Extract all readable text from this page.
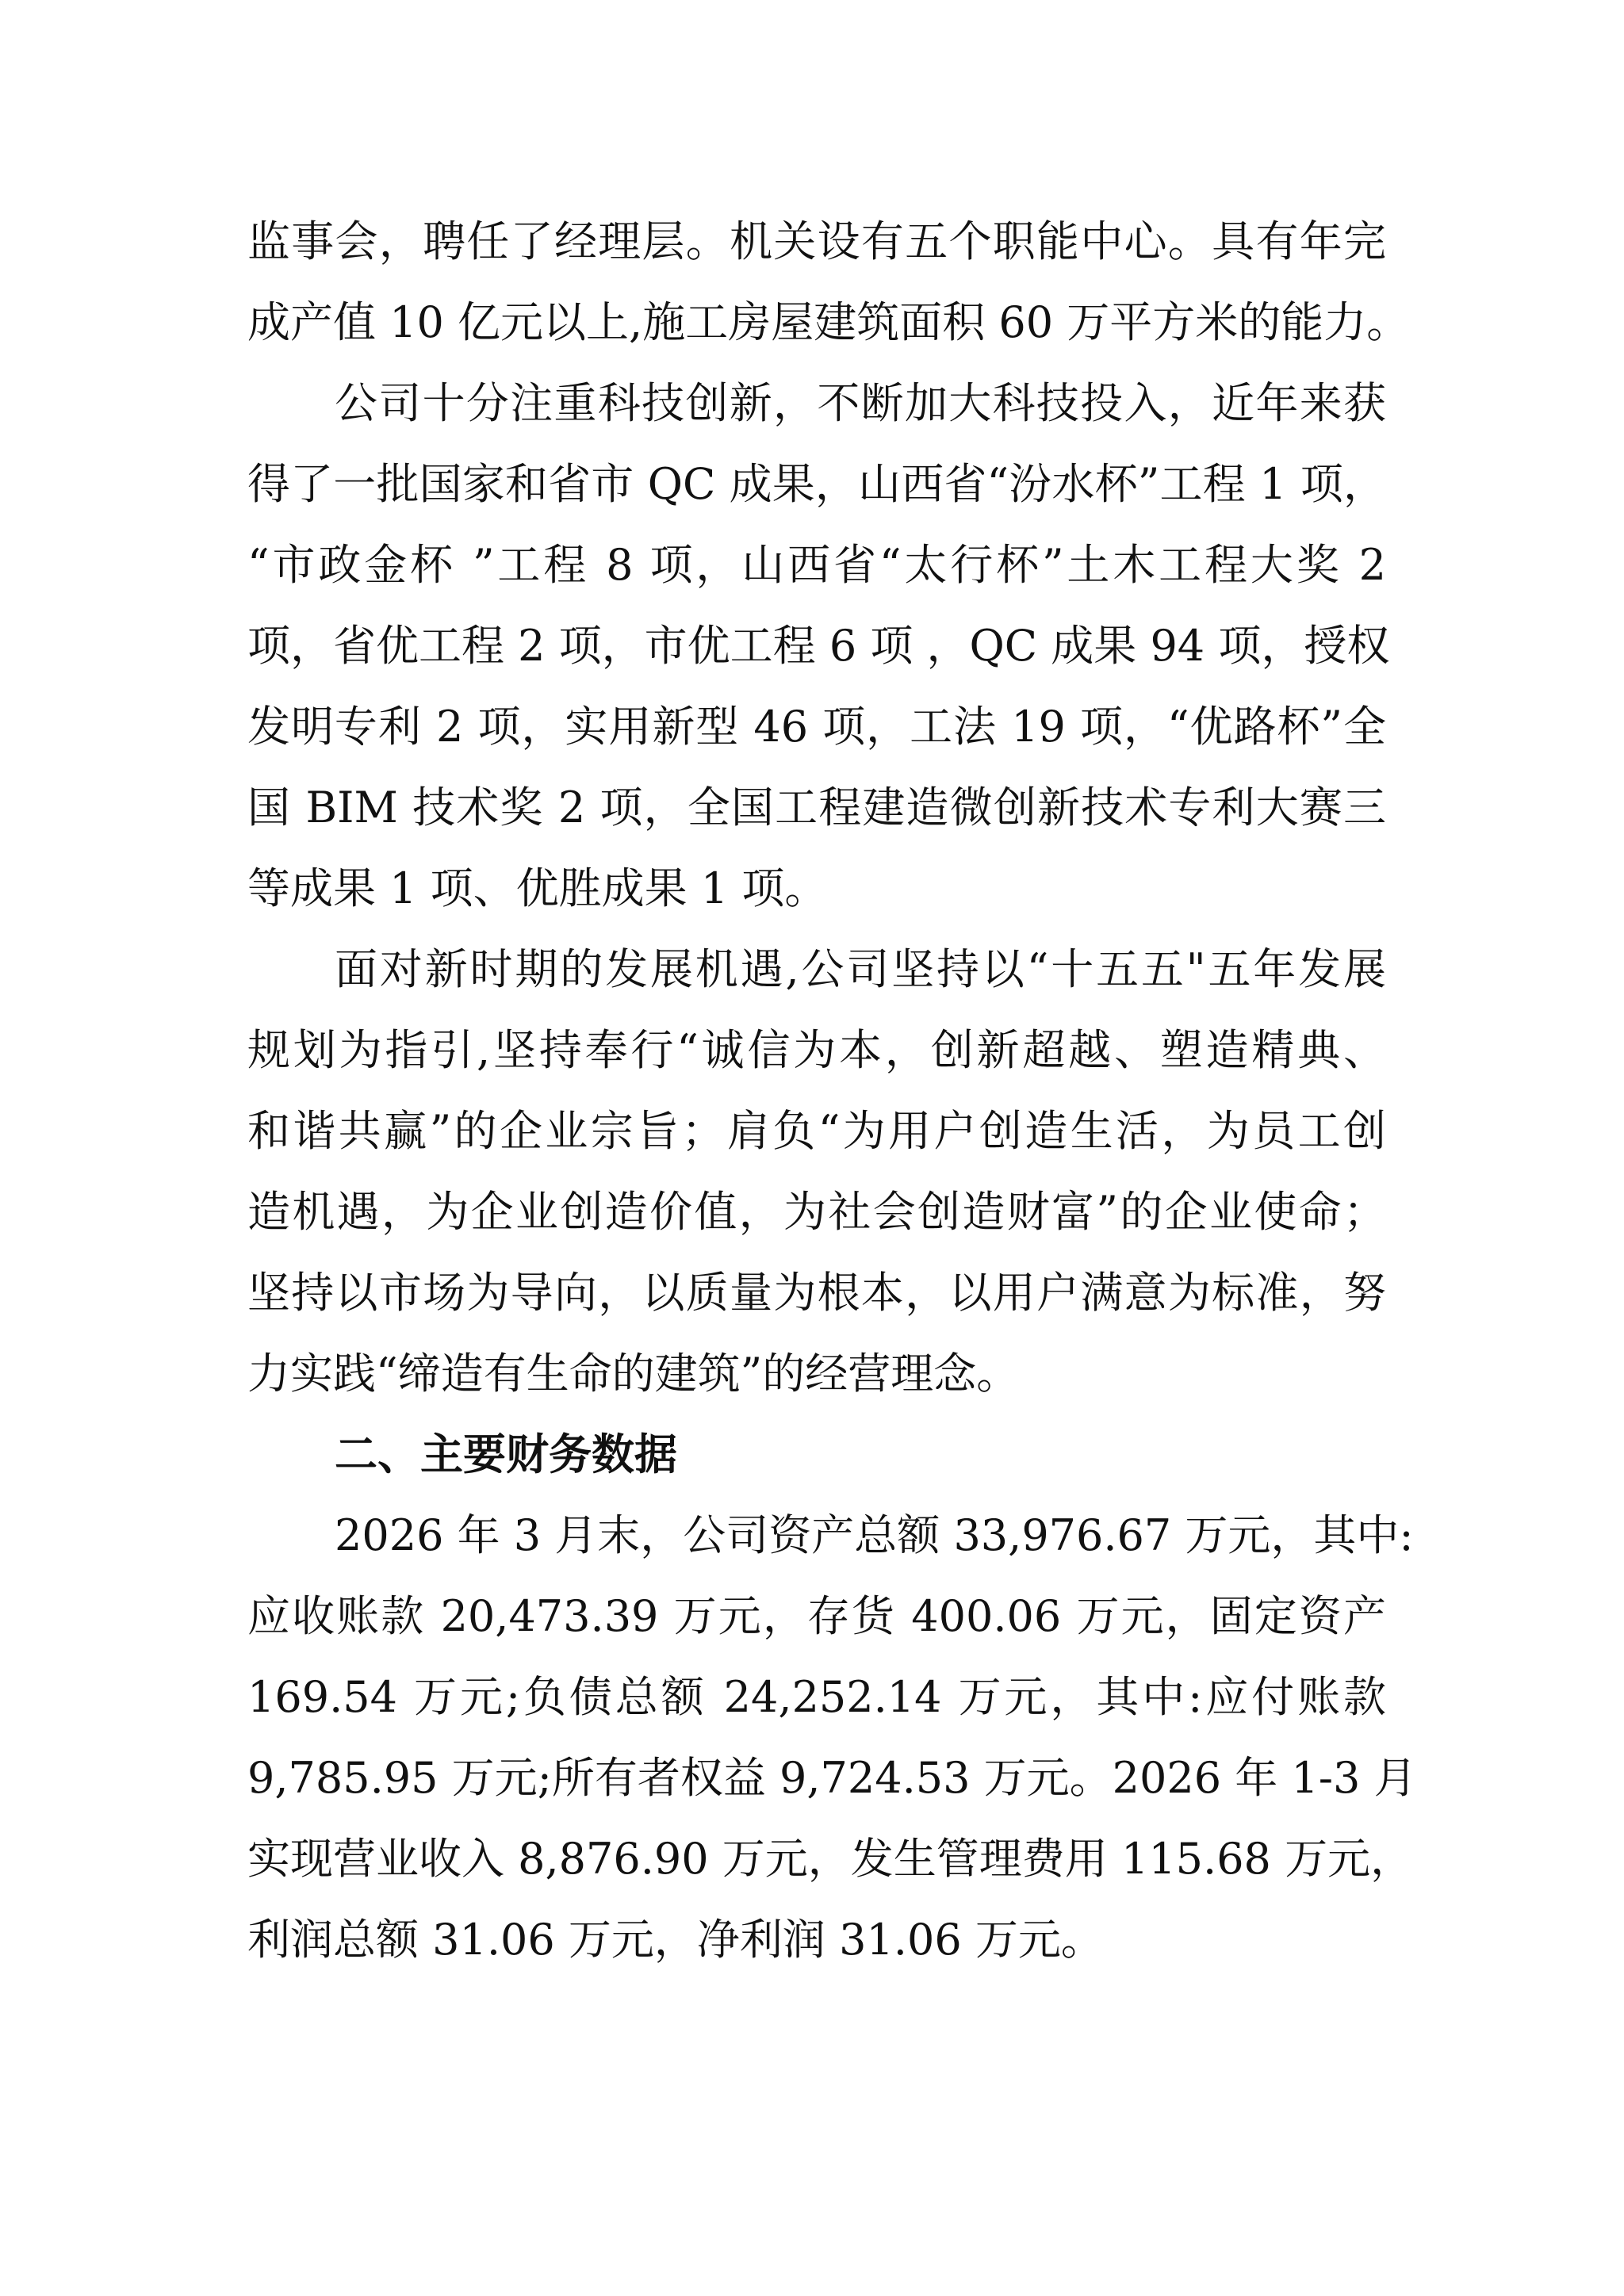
监事会，聘任了经理层。机关设有五个职能中心。具有年完
成产值 10 亿元以上,施工房屋建筑面积 60 万平方米的能力。
公司十分注重科技创新，不断加大科技投入，近年来获
得了一批国家和省市 QC 成果，山西省“汾水杯”工程 1 项，
“市政金杯 ”工程 8 项，山西省“太行杯”土木工程大奖 2
项，省优工程 2 项，市优工程 6 项 ，QC 成果 94 项，授权
发明专利 2 项，实用新型 46 项，工法 19 项，“优路杯”全
国 BIM 技术奖 2 项，全国工程建造微创新技术专利大赛三
等成果 1 项、优胜成果 1 项。
面对新时期的发展机遇,公司坚持以“十五五"五年发展
规划为指引,坚持奉行“诚信为本，创新超越、塑造精典、
和谐共赢”的企业宗旨；肩负“为用户创造生活，为员工创
造机遇，为企业创造价值，为社会创造财富”的企业使命；
坚持以市场为导向，以质量为根本，以用户满意为标准，努
力实践“缔造有生命的建筑”的经营理念。
二、主要财务数据
2026 年 3 月末，公司资产总额 33,976.67 万元，其中:
应收账款 20,473.39 万元，存货 400.06 万元，固定资产
169.54 万元;负债总额 24,252.14 万元，其中:应付账款
9,785.95 万元;所有者权益 9,724.53 万元。2026 年 1-3 月
实现营业收入 8,876.90 万元，发生管理费用 115.68 万元，
利润总额 31.06 万元，净利润 31.06 万元。
